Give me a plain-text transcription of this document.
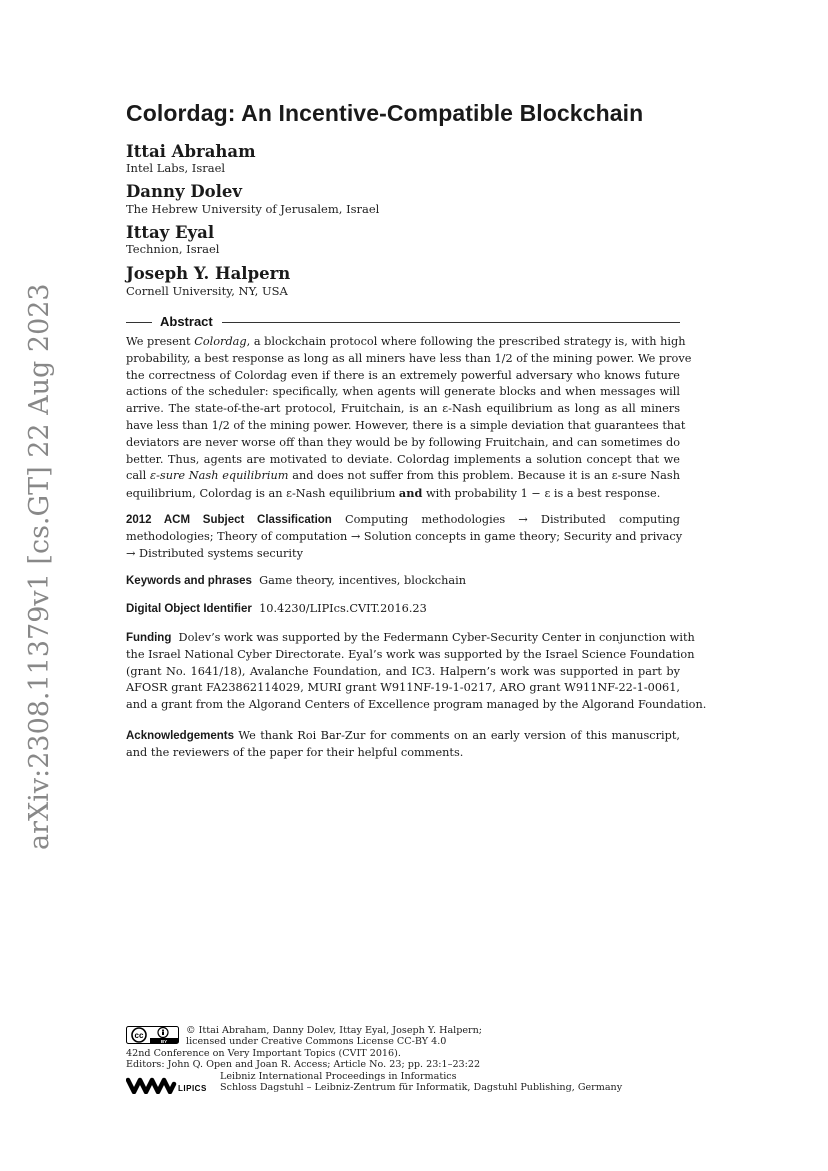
arXiv:2308.11379v1 [cs.GT] 22 Aug 2023
Colordag: An Incentive-Compatible Blockchain
Ittai Abraham
Intel Labs, Israel
Danny Dolev
The Hebrew University of Jerusalem, Israel
Ittay Eyal
Technion, Israel
Joseph Y. Halpern
Cornell University, NY, USA
Abstract
We present Colordag, a blockchain protocol where following the prescribed strategy is, with high
probability, a best response as long as all miners have less than 1/2 of the mining power. We prove
the correctness of Colordag even if there is an extremely powerful adversary who knows future
actions of the scheduler: specifically, when agents will generate blocks and when messages will
arrive. The state-of-the-art protocol, Fruitchain, is an ε-Nash equilibrium as long as all miners
have less than 1/2 of the mining power. However, there is a simple deviation that guarantees that
deviators are never worse off than they would be by following Fruitchain, and can sometimes do
better. Thus, agents are motivated to deviate. Colordag implements a solution concept that we
call ε-sure Nash equilibrium and does not suffer from this problem. Because it is an ε-sure Nash
equilibrium, Colordag is an ε-Nash equilibrium and with probability 1 − ε is a best response.
2012 ACM Subject Classification Computing methodologies → Distributed computing
methodologies; Theory of computation → Solution concepts in game theory; Security and privacy
→ Distributed systems security
Keywords and phrases Game theory, incentives, blockchain
Digital Object Identifier 10.4230/LIPIcs.CVIT.2016.23
Funding Dolev’s work was supported by the Federmann Cyber-Security Center in conjunction with
the Israel National Cyber Directorate. Eyal’s work was supported by the Israel Science Foundation
(grant No. 1641/18), Avalanche Foundation, and IC3. Halpern’s work was supported in part by
AFOSR grant FA23862114029, MURI grant W911NF-19-1-0217, ARO grant W911NF-22-1-0061,
and a grant from the Algorand Centers of Excellence program managed by the Algorand Foundation.
Acknowledgements We thank Roi Bar-Zur for comments on an early version of this manuscript,
and the reviewers of the paper for their helpful comments.
cc
BY
© Ittai Abraham, Danny Dolev, Ittay Eyal, Joseph Y. Halpern;
licensed under Creative Commons License CC-BY 4.0
42nd Conference on Very Important Topics (CVIT 2016).
Editors: John Q. Open and Joan R. Access; Article No. 23; pp. 23:1–23:22
LIPICS
Leibniz International Proceedings in Informatics
Schloss Dagstuhl – Leibniz-Zentrum für Informatik, Dagstuhl Publishing, Germany
